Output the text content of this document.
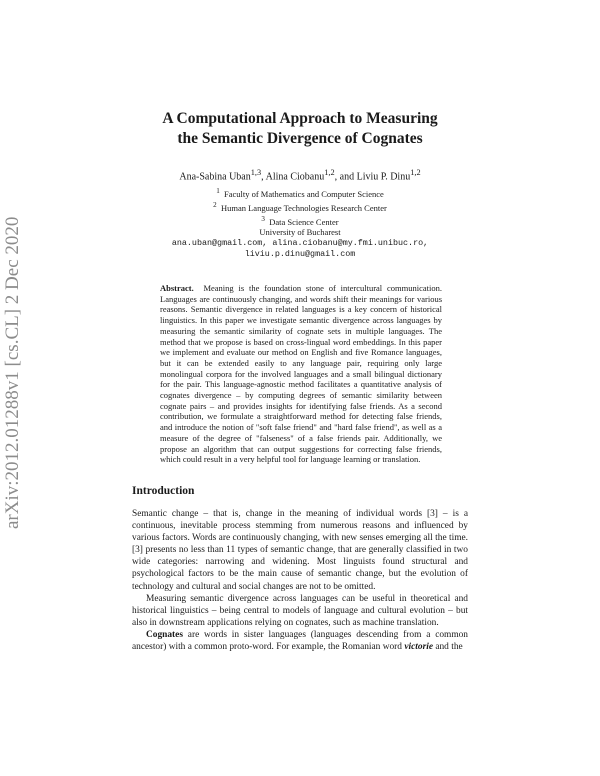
arXiv:2012.01288v1 [cs.CL] 2 Dec 2020
A Computational Approach to Measuring
the Semantic Divergence of Cognates
Ana-Sabina Uban$^{1,3}$, Alina Ciobanu$^{1,2}$, and Liviu P. Dinu$^{1,2}$
$^1$ Faculty of Mathematics and Computer Science
$^2$ Human Language Technologies Research Center
$^3$ Data Science Center
University of Bucharest
ana.uban@gmail.com, alina.ciobanu@my.fmi.unibuc.ro,
liviu.p.dinu@gmail.com

Abstract. Meaning is the foundation stone of intercultural communication. Languages are continuously changing, and words shift their meanings for various reasons. Semantic divergence in related languages is a key concern of historical linguistics. In this paper we investigate semantic divergence across languages by measuring the semantic similarity of cognate sets in multiple languages. The method that we propose is based on cross-lingual word embeddings. In this paper we implement and evaluate our method on English and five Romance languages, but it can be extended easily to any language pair, requiring only large monolingual corpora for the involved languages and a small bilingual dictionary for the pair. This language-agnostic method facilitates a quantitative analysis of cognates divergence – by computing degrees of semantic similarity between cognate pairs – and provides insights for identifying false friends. As a second contribution, we formulate a straightforward method for detecting false friends, and introduce the notion of "soft false friend" and "hard false friend", as well as a measure of the degree of "falseness" of a false friends pair. Additionally, we propose an algorithm that can output suggestions for correcting false friends, which could result in a very helpful tool for language learning or translation.

Introduction

Semantic change – that is, change in the meaning of individual words [3] – is a continuous, inevitable process stemming from numerous reasons and influenced by various factors. Words are continuously changing, with new senses emerging all the time. [3] presents no less than 11 types of semantic change, that are generally classified in two wide categories: narrowing and widening. Most linguists found structural and psychological factors to be the main cause of semantic change, but the evolution of technology and cultural and social changes are not to be omitted.

Measuring semantic divergence across languages can be useful in theoretical and historical linguistics – being central to models of language and cultural evolution – but also in downstream applications relying on cognates, such as machine translation.

Cognates are words in sister languages (languages descending from a common ancestor) with a common proto-word. For example, the Romanian word victorie and the
